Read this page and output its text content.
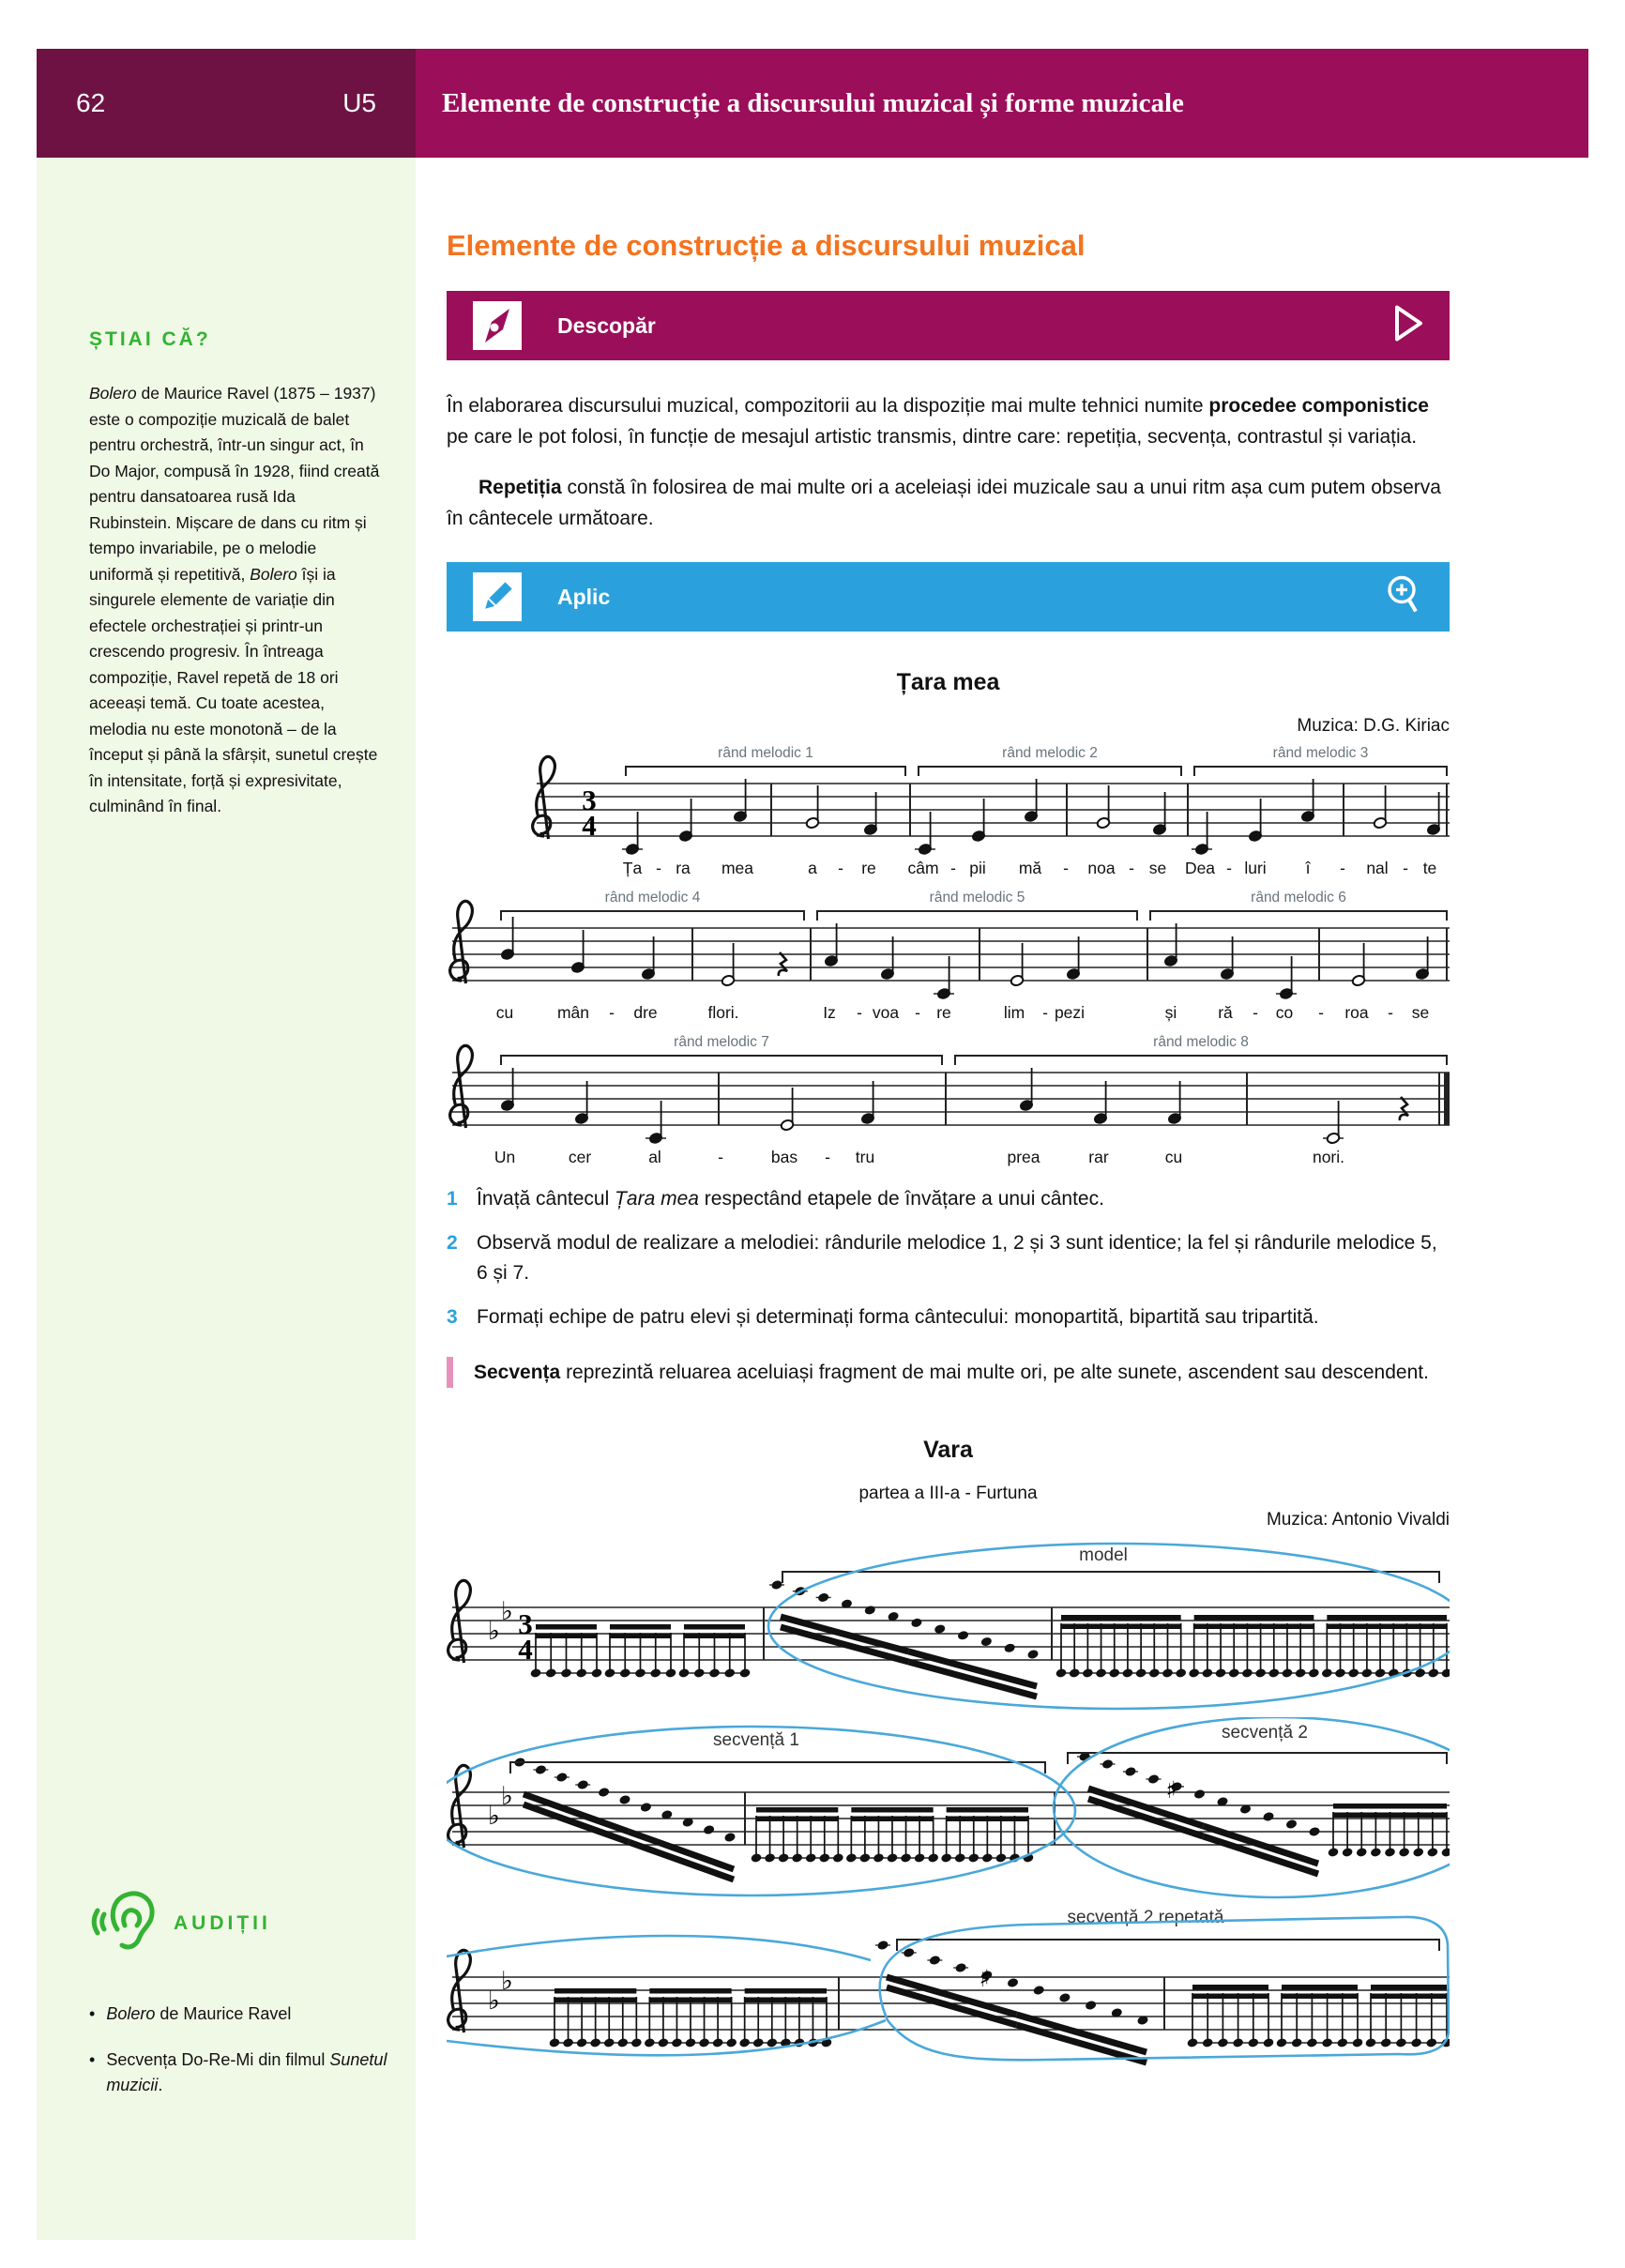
62	U5 Elemente de construcție a discursului muzical și forme muzicale
ȘTIAI CĂ?
Bolero de Maurice Ravel (1875 – 1937) este o compoziție muzicală de balet pentru orchestră, într-un singur act, în Do Major, compusă în 1928, fiind creată pentru dansatoarea rusă Ida Rubinstein. Mișcare de dans cu ritm și tempo invariabile, pe o melodie uniformă și repetitivă, Bolero își ia singurele elemente de variație din efectele orchestrației și printr-un crescendo progresiv. În întreaga compoziție, Ravel repetă de 18 ori aceeași temă. Cu toate acestea, melodia nu este monotonă – de la început și până la sfârșit, sunetul crește în intensitate, forță și expresivitate, culminând în final.
AUDIȚII
• Bolero de Maurice Ravel
• Secvența Do-Re-Mi din filmul Sunetul muzicii.
Elemente de construcție a discursului muzical
Descopăr

În elaborarea discursului muzical, compozitorii au la dispoziție mai multe tehnici numite procedee componistice pe care le pot folosi, în funcție de mesajul artistic transmis, dintre care: repetiția, secvența, contrastul și variația.

Repetiția constă în folosirea de mai multe ori a aceleiași idei muzicale sau a unui ritm așa cum putem observa în cântecele următoare.

Aplic
Țara mea
Muzica: D.G. Kiriac
3
4
rând melodic 1	rând melodic 2	rând melodic 3
Ța - ra mea	a - re câm - pii mă - noa - se Dea - luri î - nal - te
rând melodic 4	rând melodic 5	rând melodic 6
cu	mân - dre	flori.	Iz - voa - re	lim - pezi	și	ră - co - roa - se
rând melodic 7	rând melodic 8
Un	cer	al	-	bas - tru	prea	rar	cu	nori.
1 Învață cântecul Țara mea respectând etapele de învățare a unui cântec.
2 Observă modul de realizare a melodiei: rândurile melodice 1, 2 și 3 sunt identice; la fel și rândurile melodice 5, 6 și 7.
3 Formați echipe de patru elevi și determinați forma cântecului: monopartită, bipartită sau tripartită.
Secvența reprezintă reluarea aceluiași fragment de mai multe ori, pe alte sunete, ascendent sau descendent.
Vara
partea a III-a - Furtuna
Muzica: Antonio Vivaldi
♭
♭ 3
4
model
♭
♭	♯
secvență 1	secvență 2
♭
♭	♯
secvență 2 repetată
